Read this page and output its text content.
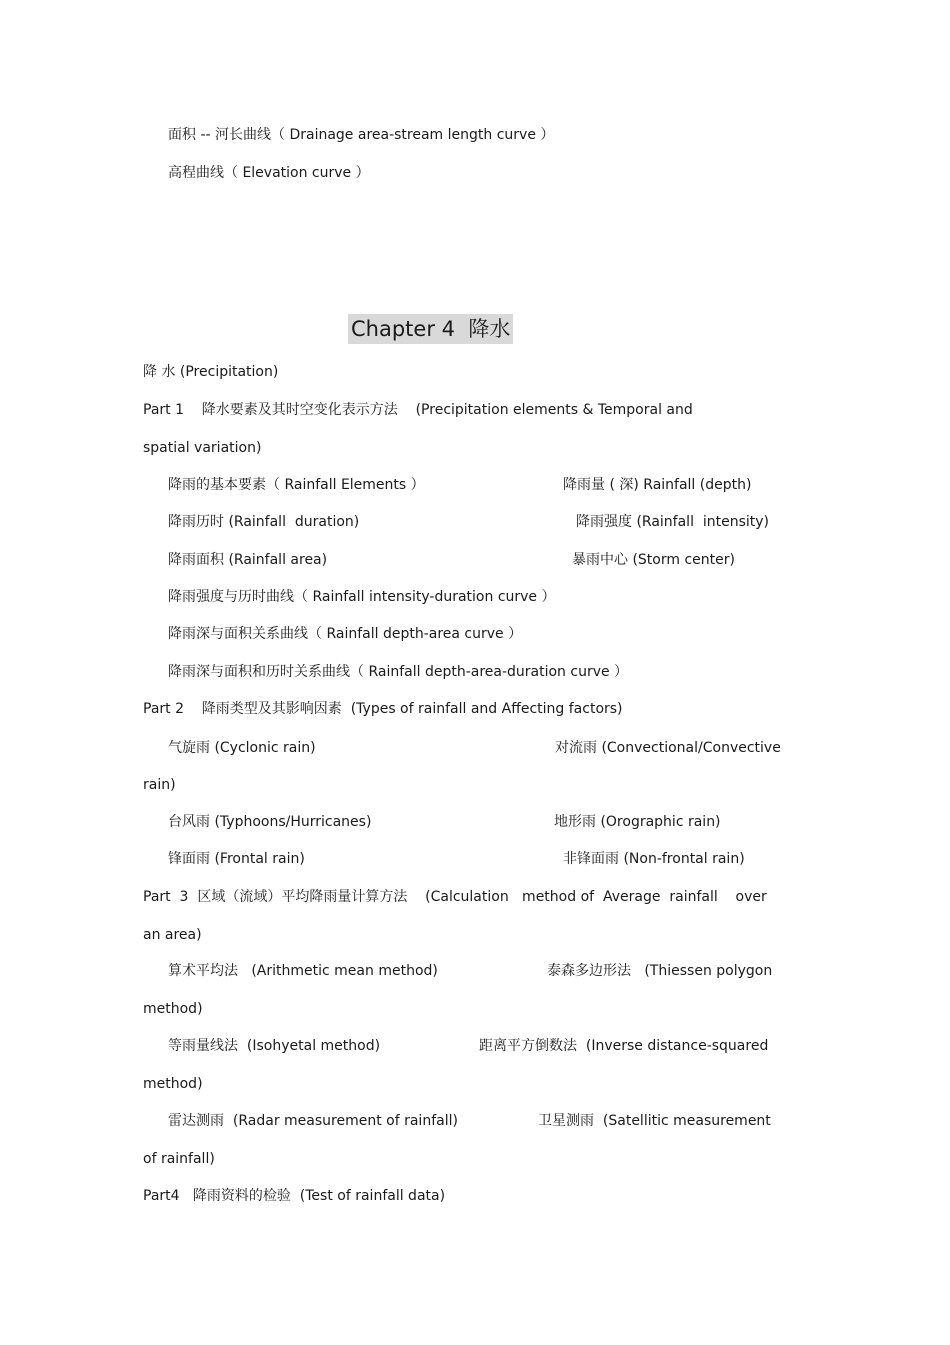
面积 -- 河长曲线（ Drainage area-stream length curve ）
高程曲线（ Elevation curve ）
Chapter 4  降水
降 水 (Precipitation)
Part 1    降水要素及其时空变化表示方法    (Precipitation elements & Temporal and
spatial variation)
降雨的基本要素（ Rainfall Elements ）	降雨量 ( 深) Rainfall (depth)
降雨历时 (Rainfall  duration)	降雨强度 (Rainfall  intensity)
降雨面积 (Rainfall area)	暴雨中心 (Storm center)
降雨强度与历时曲线（ Rainfall intensity-duration curve ）
降雨深与面积关系曲线（ Rainfall depth-area curve ）
降雨深与面积和历时关系曲线（ Rainfall depth-area-duration curve ）
Part 2    降雨类型及其影响因素  (Types of rainfall and Affecting factors)
气旋雨 (Cyclonic rain)	对流雨 (Convectional/Convective
rain)
台风雨 (Typhoons/Hurricanes)	地形雨 (Orographic rain)
锋面雨 (Frontal rain)	非锋面雨 (Non-frontal rain)
Part  3  区域（流域）平均降雨量计算方法    (Calculation   method of  Average  rainfall    over
an area)
算术平均法   (Arithmetic mean method)	泰森多边形法   (Thiessen polygon
method)
等雨量线法  (Isohyetal method)	距离平方倒数法  (Inverse distance-squared
method)
雷达测雨  (Radar measurement of rainfall)	卫星测雨  (Satellitic measurement
of rainfall)
Part4   降雨资料的检验  (Test of rainfall data)
